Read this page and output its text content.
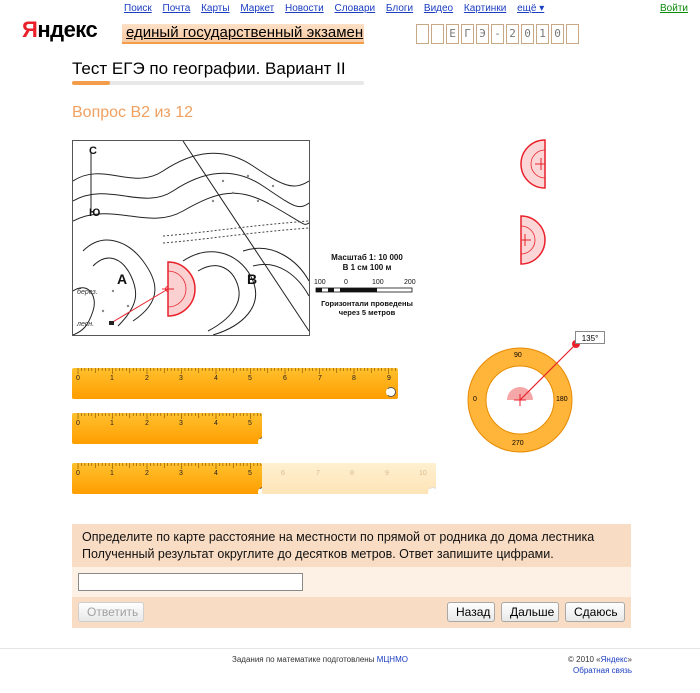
Поиск Почта Карты Маркет Новости Словари Блоги Видео Картинки ещё ▾	Войти
Яндекс единый государственный экзамен	Е Г Э - 2 0 1 0
Тест ЕГЭ по географии. Вариант II
Вопрос B2 из 12
С
Ю
А	В
берез.
лесн.
Масштаб 1: 10 000
В 1 см 100 м
100	0	100	200
Горизонтали проведены
через 5 метров
90
0	180
270
135°
0	1	2	3	4	5	6	7	8	9
0	1	2	3	4	5
6	7	8	9	10
0	1	2	3	4	5

Определите по карте расстояние на местности по прямой от родника до дома лестника

Полученный результат округлите до десятков метров. Ответ запишите цифрами.

Ответить	Назад	Дальше	Сдаюсь
Задания по математике подготовлены МЦНМО	© 2010 «Яндекс»
Обратная связь
